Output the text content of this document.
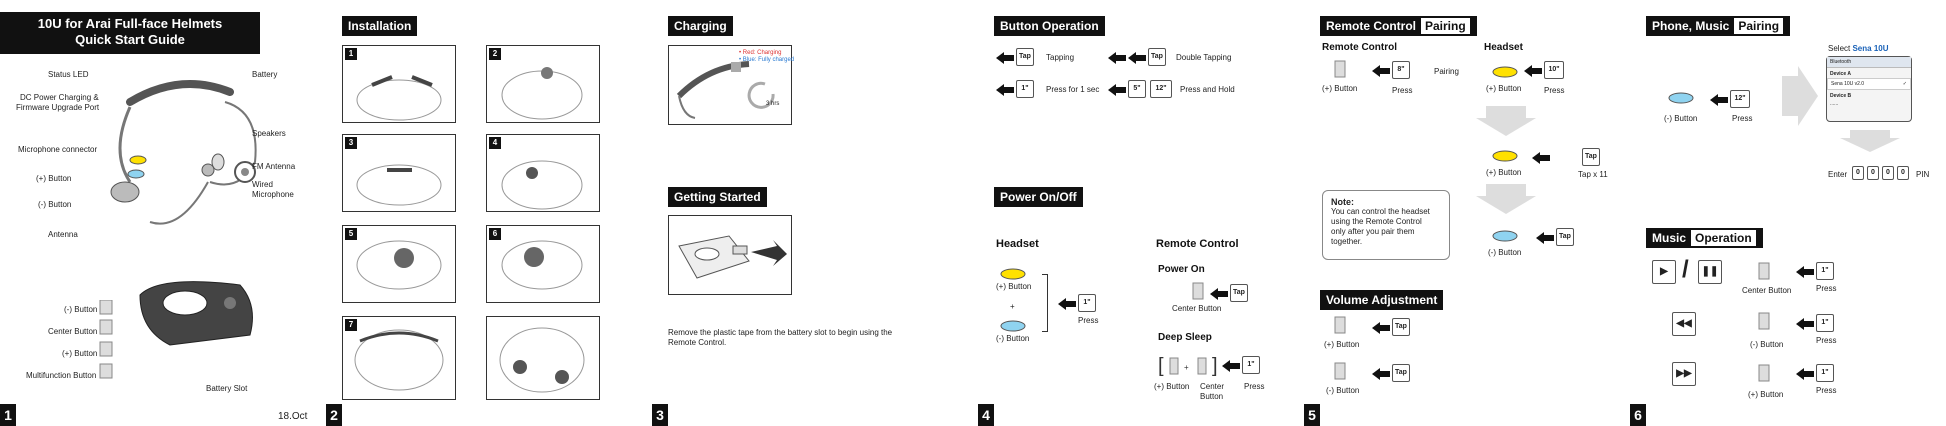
10U for Arai Full-face Helmets
Quick Start Guide
Status LED	Battery
DC Power Charging &
Firmware Upgrade Port
Speakers
Microphone connector
FM Antenna
(+) Button
Wired
Microphone
(-) Button
Antenna
(-) Button
Center Button
(+) Button
Multifunction Button
Battery Slot
1	18.Oct
Installation
1	2
3	4
5	6
7
2
Charging
• Red: Charging
• Blue: Fully charged
3 hrs
Getting Started
Remove the plastic tape from the battery slot to begin using the
Remote Control.
3
Button Operation
Tap	Tapping	Tap	Double Tapping
1"	Press for 1 sec	5"	12"	Press and Hold
Power On/Off
Headset	Remote Control
(+) Button
+
(-) Button
1"
Press
Power On
Center Button
Tap
Deep Sleep
[	+ ]	1"
(+) Button Center
Button
Press
4
Remote Control Pairing
Remote Control	Headset
(+) Button
8"
Press
Pairing
(+) Button
10"
Press
(+) Button
Tap
Tap x 11
(-) Button
Tap
Note:
You can control the headset
using the Remote Control
only after you pair them
together.
Volume Adjustment
(+) Button
Tap
(-) Button
Tap
5
Phone, Music Pairing
(-) Button
12"
Press
Select Sena 10U
Bluetooth
Device A
Sena 10U v2.0	✓
Device B
......
Enter	0	0	0	0	PIN
Music Operation
▶ /	❚❚
Center Button
1"
Press
◀◀
(-) Button
1"
Press
▶▶
(+) Button
1"
Press
6
